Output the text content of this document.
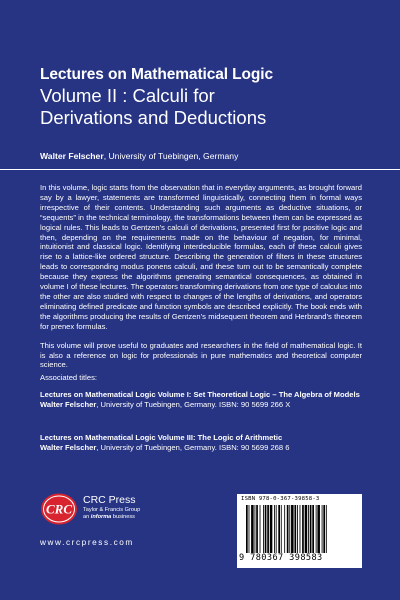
Lectures on Mathematical Logic
Volume II : Calculi for
Derivations and Deductions
Walter Felscher, University of Tuebingen, Germany

In this volume, logic starts from the observation that in everyday arguments, as brought forward say by a lawyer, statements are transformed linguistically, connecting them in formal ways irrespective of their contents. Understanding such arguments as deductive situations, or “sequents” in the technical terminology, the transformations between them can be expressed as logical rules. This leads to Gentzen’s calculi of derivations, presented first for positive logic and then, depending on the requirements made on the behaviour of negation, for minimal, intuitionist and classical logic. Identifying interdeducible formulas, each of these calculi gives rise to a lattice-like ordered structure. Describing the generation of filters in these structures leads to corresponding modus ponens calculi, and these turn out to be semantically complete because they express the algorithms generating semantical consequences, as obtained in volume I of these lectures. The operators transforming derivations from one type of calculus into the other are also studied with respect to changes of the lengths of derivations, and operators eliminating defined predicate and function symbols are described explicitly. The book ends with the algorithms producing the results of Gentzen’s midsequent theorem and Herbrand’s theorem for prenex formulas.

This volume will prove useful to graduates and researchers in the field of mathematical logic. It is also a reference on logic for professionals in pure mathematics and theoretical computer science.

Associated titles:
Lectures on Mathematical Logic Volume I: Set Theoretical Logic – The Algebra of Models
Walter Felscher, University of Tuebingen, Germany. ISBN: 90 5699 266 X
Lectures on Mathematical Logic Volume III: The Logic of Arithmetic
Walter Felscher, University of Tuebingen, Germany. ISBN: 90 5699 268 6
CRC
CRC Press
Taylor & Francis Group
an informa business
www.crcpress.com
ISBN 978-0-367-39858-3
9 780367 398583
